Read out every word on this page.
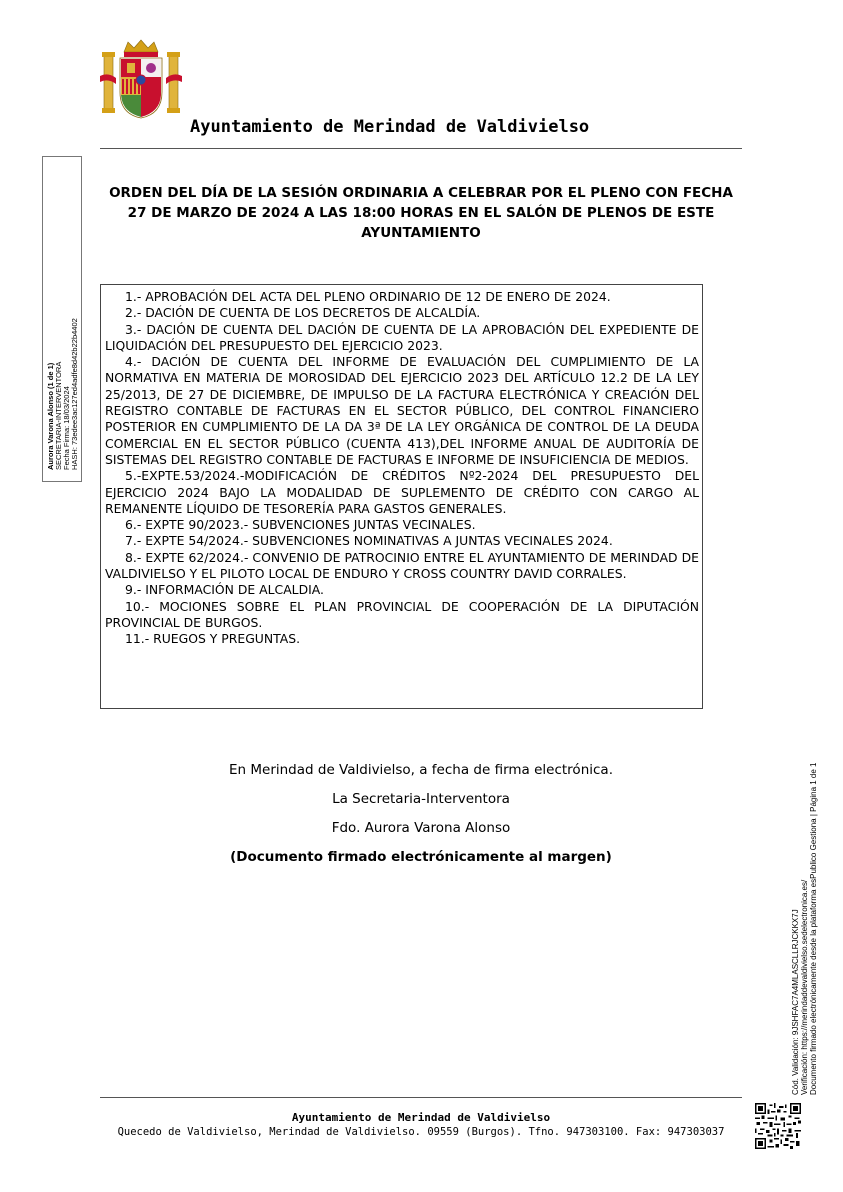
Ayuntamiento de Merindad de Valdivielso
Aurora Varona Alonso (1 de 1) SECRETARIA-INTERVENTORA Fecha Firma: 18/03/2024 HASH: 73edee3ac127ed4adfe8d42b22b4402
ORDEN DEL DÍA DE LA SESIÓN ORDINARIA A CELEBRAR POR EL PLENO CON FECHA 27 DE MARZO DE 2024 A LAS 18:00 HORAS EN EL SALÓN DE PLENOS DE ESTE AYUNTAMIENTO

1.- APROBACIÓN DEL ACTA DEL PLENO ORDINARIO DE 12 DE ENERO DE 2024.

2.- DACIÓN DE CUENTA DE LOS DECRETOS DE ALCALDÍA.

3.- DACIÓN DE CUENTA DEL DACIÓN DE CUENTA DE LA APROBACIÓN DEL EXPEDIENTE DE LIQUIDACIÓN DEL PRESUPUESTO DEL EJERCICIO 2023.

4.- DACIÓN DE CUENTA DEL INFORME DE EVALUACIÓN DEL CUMPLIMIENTO DE LA NORMATIVA EN MATERIA DE MOROSIDAD DEL EJERCICIO 2023 DEL ARTÍCULO 12.2 DE LA LEY 25/2013, DE 27 DE DICIEMBRE, DE IMPULSO DE LA FACTURA ELECTRÓNICA Y CREACIÓN DEL REGISTRO CONTABLE DE FACTURAS EN EL SECTOR PÚBLICO, DEL CONTROL FINANCIERO POSTERIOR EN CUMPLIMIENTO DE LA DA 3ª DE LA LEY ORGÁNICA DE CONTROL DE LA DEUDA COMERCIAL EN EL SECTOR PÚBLICO (CUENTA 413),DEL INFORME ANUAL DE AUDITORÍA DE SISTEMAS DEL REGISTRO CONTABLE DE FACTURAS E INFORME DE INSUFICIENCIA DE MEDIOS.

5.-EXPTE.53/2024.-MODIFICACIÓN DE CRÉDITOS Nº2-2024 DEL PRESUPUESTO DEL EJERCICIO 2024 BAJO LA MODALIDAD DE SUPLEMENTO DE CRÉDITO CON CARGO AL REMANENTE LÍQUIDO DE TESORERÍA PARA GASTOS GENERALES.

6.- EXPTE 90/2023.- SUBVENCIONES JUNTAS VECINALES.

7.- EXPTE 54/2024.- SUBVENCIONES NOMINATIVAS A JUNTAS VECINALES 2024.

8.- EXPTE 62/2024.- CONVENIO DE PATROCINIO ENTRE EL AYUNTAMIENTO DE MERINDAD DE VALDIVIELSO Y EL PILOTO LOCAL DE ENDURO Y CROSS COUNTRY DAVID CORRALES.

9.- INFORMACIÓN DE ALCALDIA.

10.- MOCIONES SOBRE EL PLAN PROVINCIAL DE COOPERACIÓN DE LA DIPUTACIÓN PROVINCIAL DE BURGOS.

11.- RUEGOS Y PREGUNTAS.

En Merindad de Valdivielso, a fecha de firma electrónica.
La Secretaria-Interventora
Fdo. Aurora Varona Alonso
(Documento firmado electrónicamente al margen)
Cód. Validación: 9JSHFAC7A4MLASCLLRJCKKX7J Verificación: https://merindaddevaldivielso.sedelectronica.es/ Documento firmado electrónicamente desde la plataforma esPublico Gestiona | Página 1 de 1
Ayuntamiento de Merindad de Valdivielso
Quecedo de Valdivielso, Merindad de Valdivielso. 09559 (Burgos). Tfno. 947303100. Fax: 947303037
